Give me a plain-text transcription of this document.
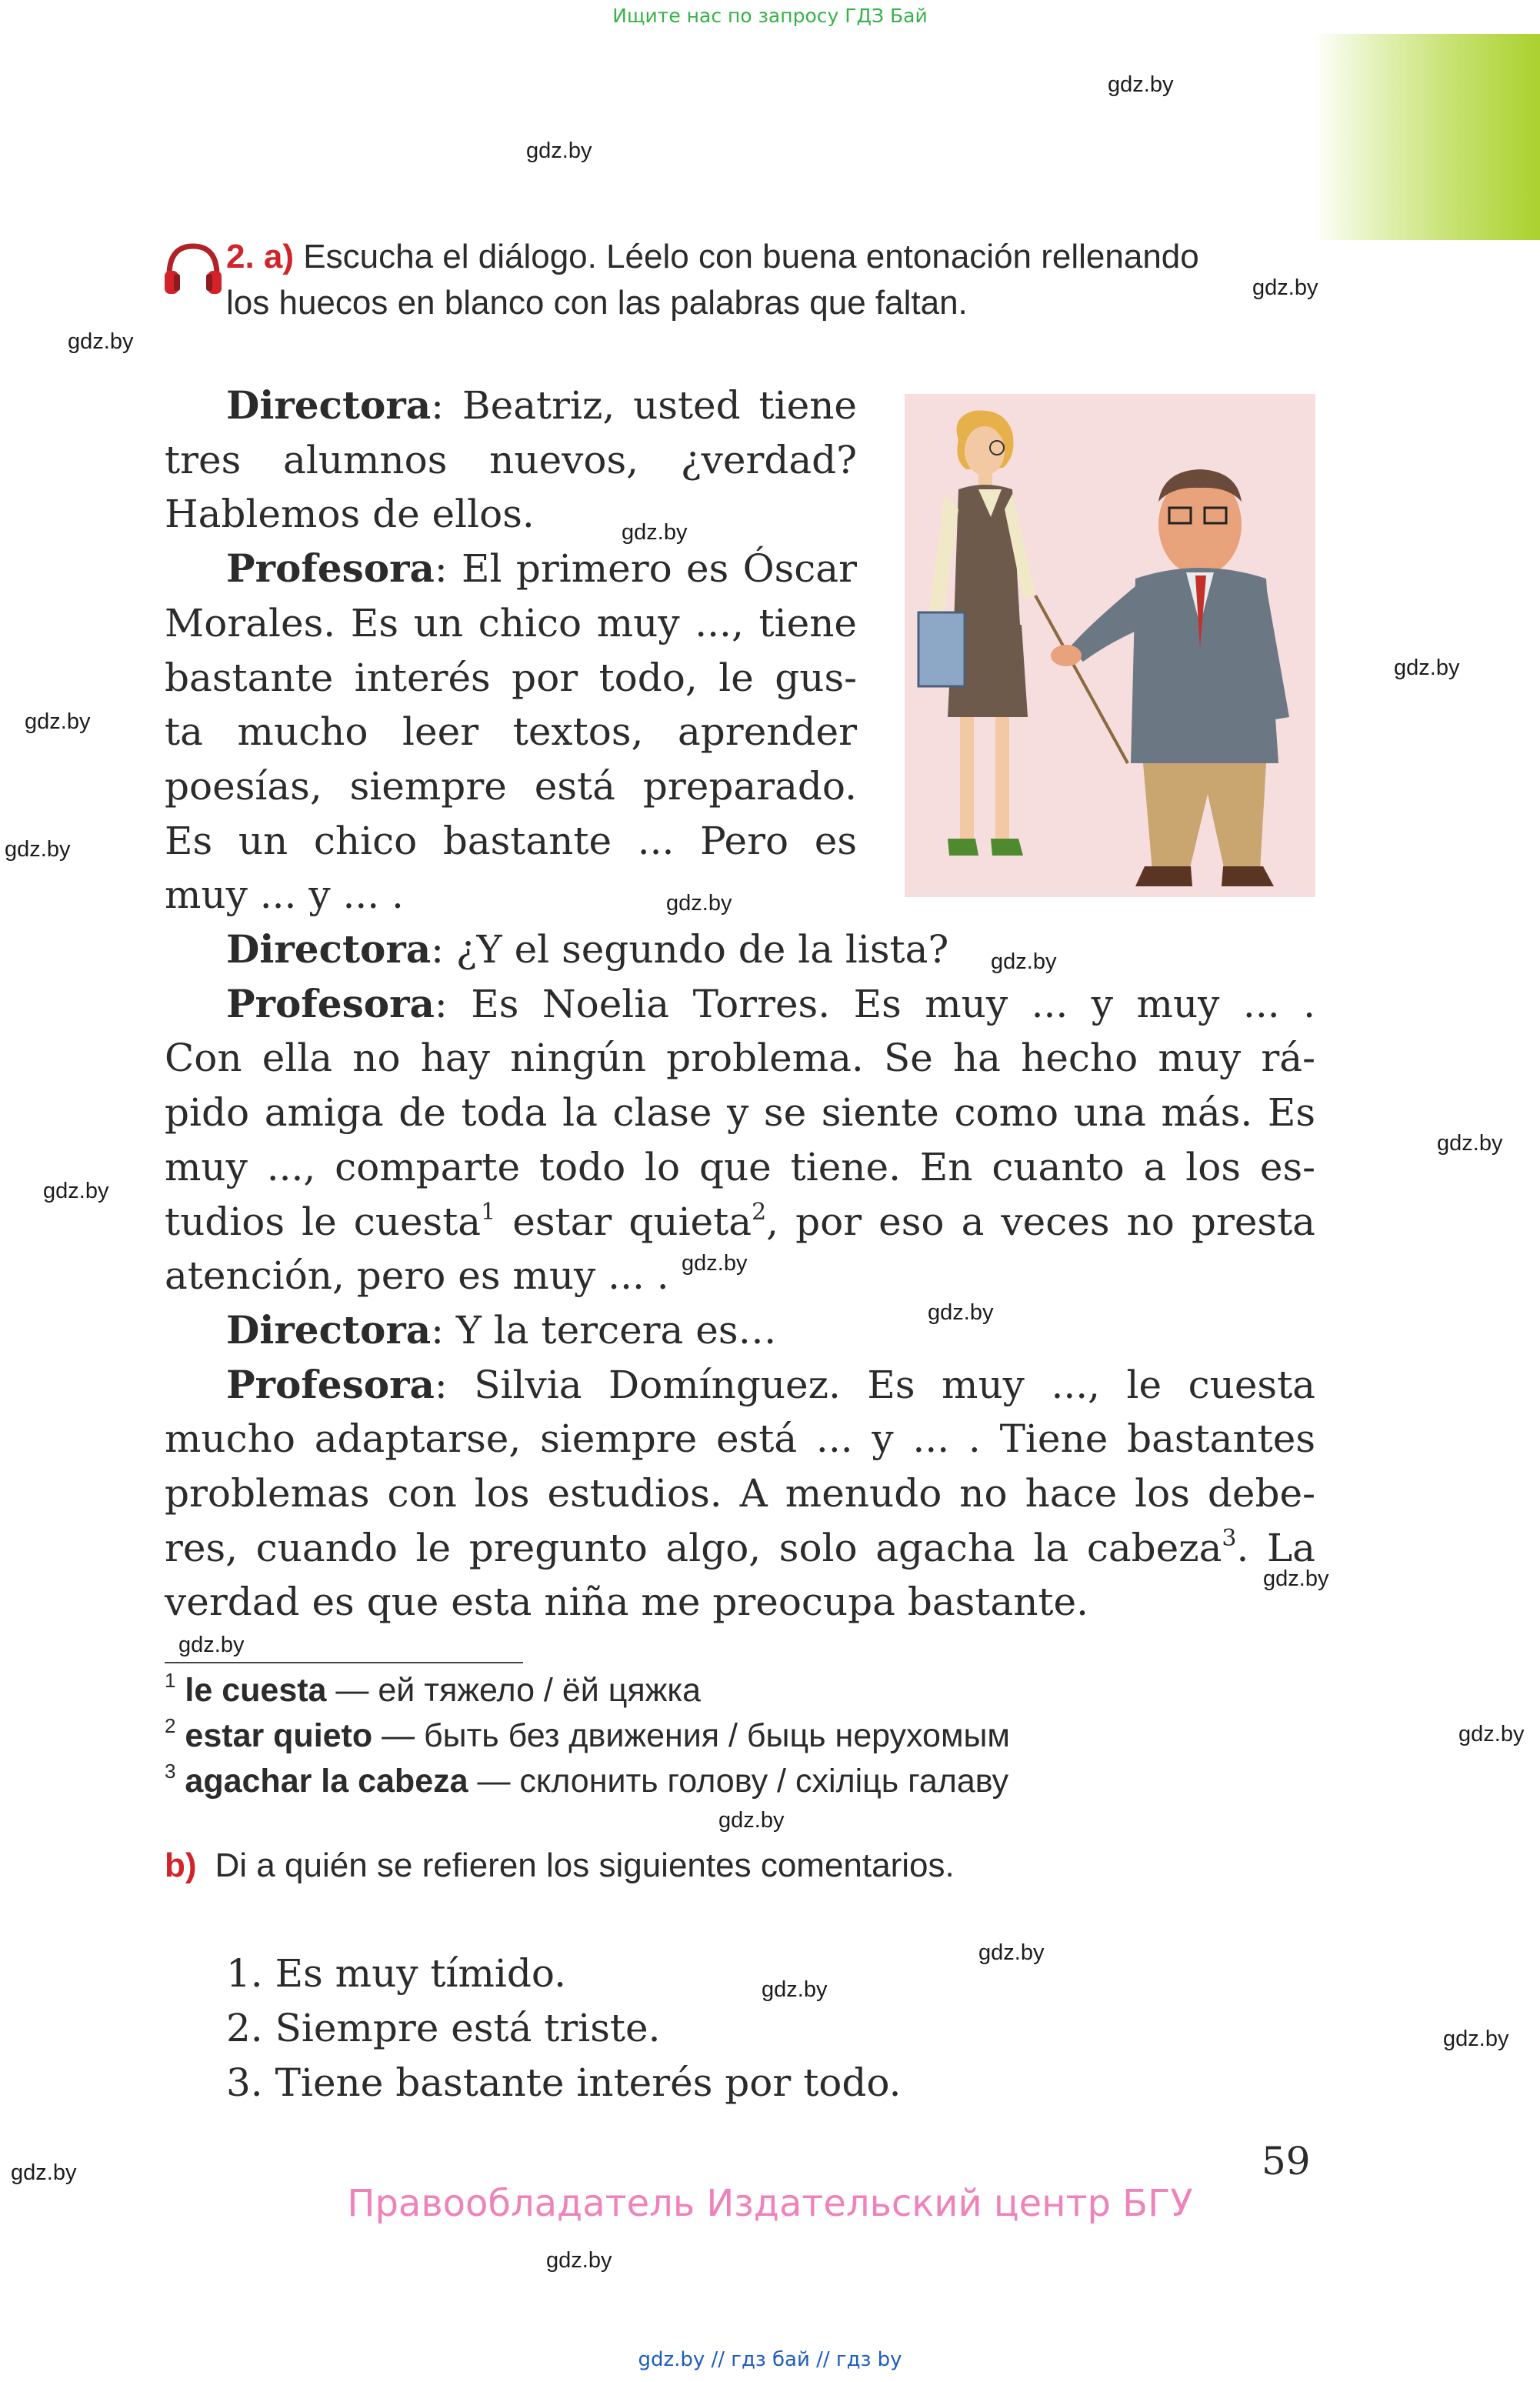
Ищите нас по запросу ГДЗ Бай
gdz.by
gdz.by
gdz.by
gdz.by
gdz.by
gdz.by
gdz.by
gdz.by
gdz.by
gdz.by
gdz.by
gdz.by
gdz.by
gdz.by
gdz.by
gdz.by
gdz.by
gdz.by
gdz.by
gdz.by
gdz.by
gdz.by
gdz.by
2. a) Escucha el diálogo. Léelo con buena entonación rellenando
los huecos en blanco con las palabras que faltan.

Directora: Beatriz, usted tiene

tres alumnos nuevos, ¿verdad?

Hablemos de ellos.

Profesora: El primero es Óscar

Morales. Es un chico muy ..., tiene

bastante interés por todo, le gus-

ta mucho leer textos, aprender

poesías, siempre está preparado.

Es un chico bastante ... Pero es

muy ... y ... .

Directora: ¿Y el segundo de la lista?

Profesora: Es Noelia Torres. Es muy ... y muy ... .

Con ella no hay ningún problema. Se ha hecho muy rá-

pido amiga de toda la clase y se siente como una más. Es

muy ..., comparte todo lo que tiene. En cuanto a los es-

tudios le cuesta$^1$ estar quieta$^2$, por eso a veces no presta

atención, pero es muy ... .

Directora: Y la tercera es…

Profesora: Silvia Domínguez. Es muy ..., le cuesta

mucho adaptarse, siempre está ... y ... . Tiene bastantes

problemas con los estudios. A menudo no hace los debe-

res, cuando le pregunto algo, solo agacha la cabeza$^3$. La

verdad es que esta niña me preocupa bastante.

$^1$ le cuesta — ей тяжело / ёй цяжка
$^2$ estar quieto — быть без движения / быць нерухомым
$^3$ agachar la cabeza — склонить голову / схіліць галаву
b) Di a quién se refieren los siguientes comentarios.
1. Es muy tímido.
2. Siempre está triste.
3. Tiene bastante interés por todo.
59
Правообладатель Издательский центр БГУ
gdz.by // гдз бай // гдз by
